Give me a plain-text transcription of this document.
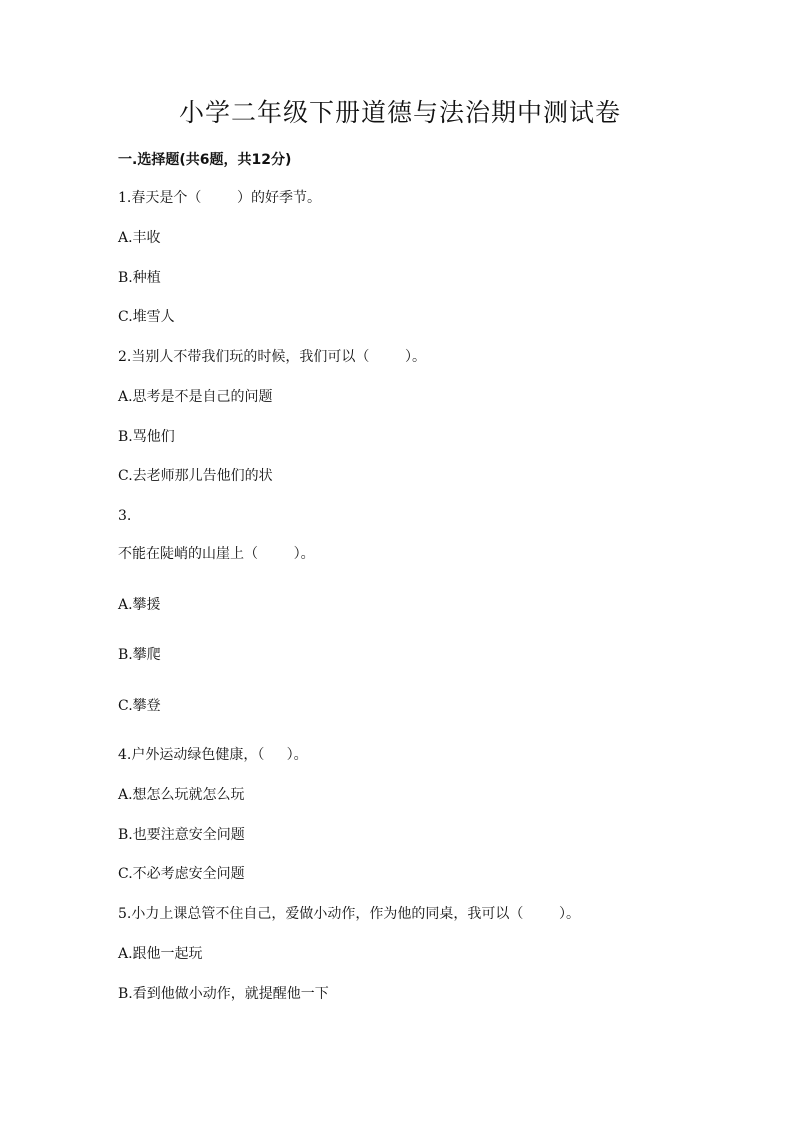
小学二年级下册道德与法治期中测试卷
一.选择题(共6题，共12分)
1.春天是个（        ）的好季节。
A.丰收
B.种植
C.堆雪人
2.当别人不带我们玩的时候，我们可以（        ）。
A.思考是不是自己的问题
B.骂他们
C.去老师那儿告他们的状
3.
不能在陡峭的山崖上（        ）。
A.攀援
B.攀爬
C.攀登
4.户外运动绿色健康，（     ）。
A.想怎么玩就怎么玩
B.也要注意安全问题
C.不必考虑安全问题
5.小力上课总管不住自己，爱做小动作，作为他的同桌，我可以（        ）。
A.跟他一起玩
B.看到他做小动作，就提醒他一下
